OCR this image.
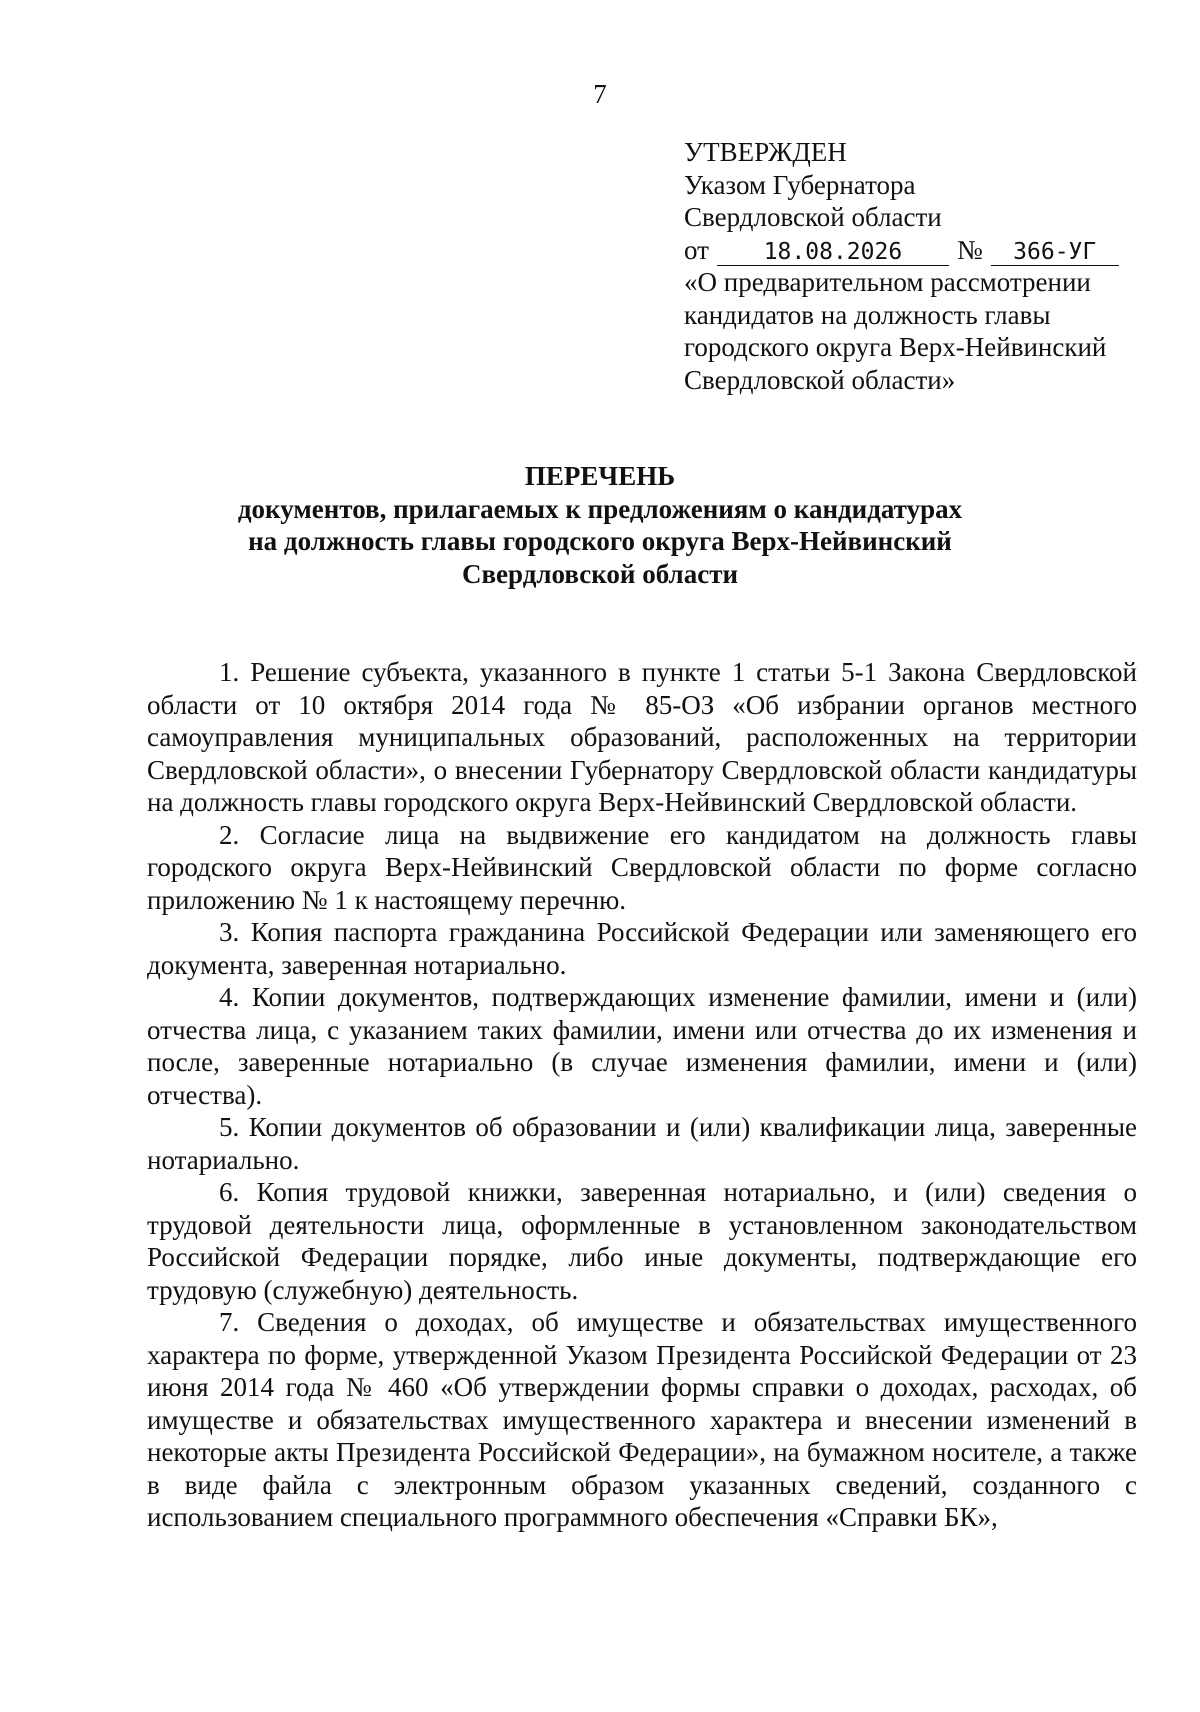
7
УТВЕРЖДЕН
Указом Губернатора
Свердловской области
от 18.08.2026 № 366-УГ
«О предварительном рассмотрении
кандидатов на должность главы
городского округа Верх-Нейвинский
Свердловской области»
ПЕРЕЧЕНЬ
документов, прилагаемых к предложениям о кандидатурах
на должность главы городского округа Верх-Нейвинский
Свердловской области

1. Решение субъекта, указанного в пункте 1 статьи 5-1 Закона Свердловской области от 10 октября 2014 года № 85-ОЗ «Об избрании органов местного самоуправления муниципальных образований, расположенных на территории Свердловской области», о внесении Губернатору Свердловской области кандидатуры на должность главы городского округа Верх-Нейвинский Свердловской области.

2. Согласие лица на выдвижение его кандидатом на должность главы городского округа Верх-Нейвинский Свердловской области по форме согласно приложению № 1 к настоящему перечню.

3. Копия паспорта гражданина Российской Федерации или заменяющего его документа, заверенная нотариально.

4. Копии документов, подтверждающих изменение фамилии, имени и (или) отчества лица, с указанием таких фамилии, имени или отчества до их изменения и после, заверенные нотариально (в случае изменения фамилии, имени и (или) отчества).

5. Копии документов об образовании и (или) квалификации лица, заверенные нотариально.

6. Копия трудовой книжки, заверенная нотариально, и (или) сведения о трудовой деятельности лица, оформленные в установленном законодательством Российской Федерации порядке, либо иные документы, подтверждающие его трудовую (служебную) деятельность.

7. Сведения о доходах, об имуществе и обязательствах имущественного характера по форме, утвержденной Указом Президента Российской Федерации от 23 июня 2014 года № 460 «Об утверждении формы справки о доходах, расходах, об имуществе и обязательствах имущественного характера и внесении изменений в некоторые акты Президента Российской Федерации», на бумажном носителе, а также в виде файла с электронным образом указанных сведений, созданного с использованием специального программного обеспечения «Справки БК»,
